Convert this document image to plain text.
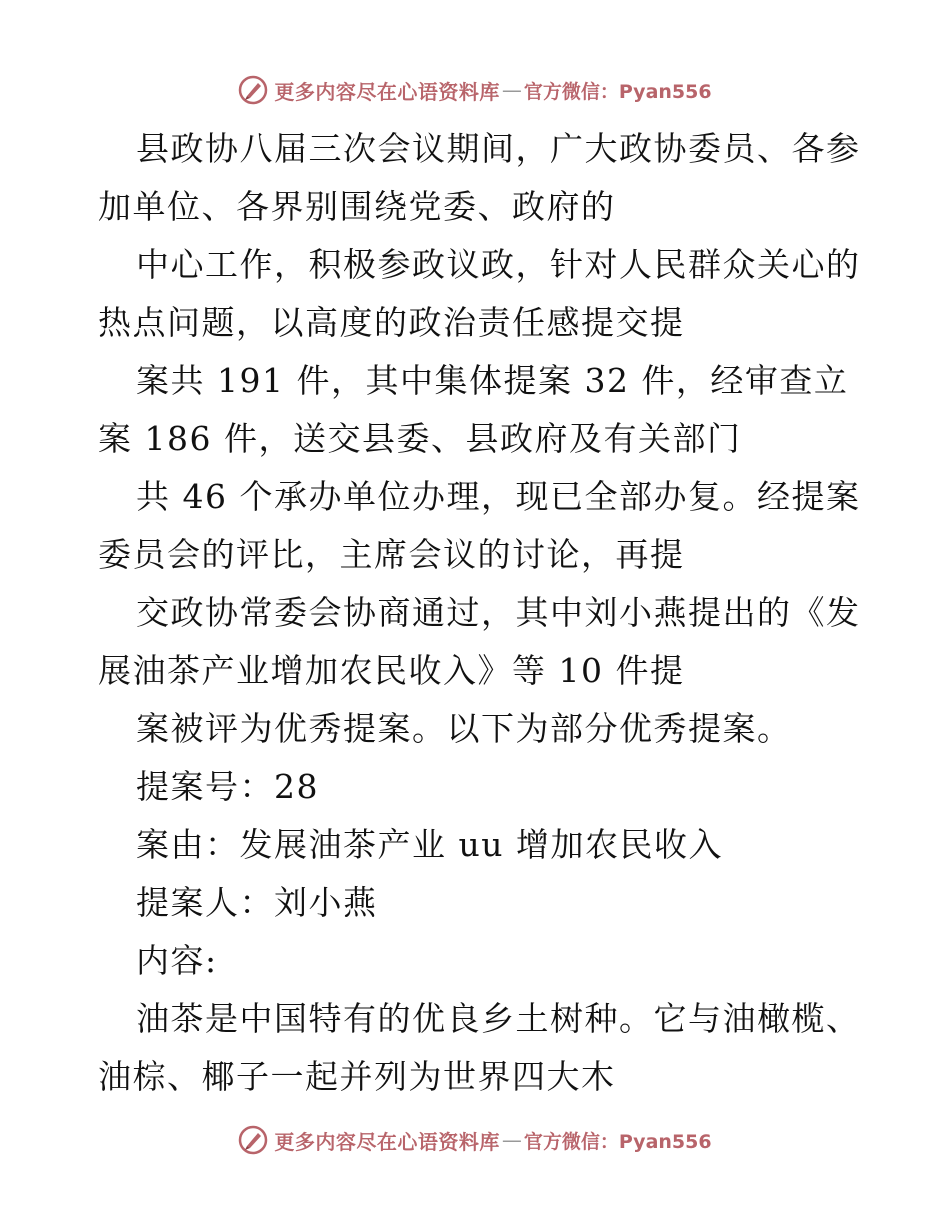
更多内容尽在心语资料库 — 官方微信：Pyan556
县政协八届三次会议期间，广大政协委员、各参
加单位、各界别围绕党委、政府的
中心工作，积极参政议政，针对人民群众关心的
热点问题，以高度的政治责任感提交提
案共 191 件，其中集体提案 32 件，经审查立
案 186 件，送交县委、县政府及有关部门
共 46 个承办单位办理，现已全部办复。经提案
委员会的评比，主席会议的讨论，再提
交政协常委会协商通过，其中刘小燕提出的《发
展油茶产业增加农民收入》等 10 件提
案被评为优秀提案。以下为部分优秀提案。
提案号：28
案由：发展油茶产业 uu 增加农民收入
提案人：刘小燕
内容:
油茶是中国特有的优良乡土树种。它与油橄榄、
油棕、椰子一起并列为世界四大木
更多内容尽在心语资料库 — 官方微信：Pyan556
